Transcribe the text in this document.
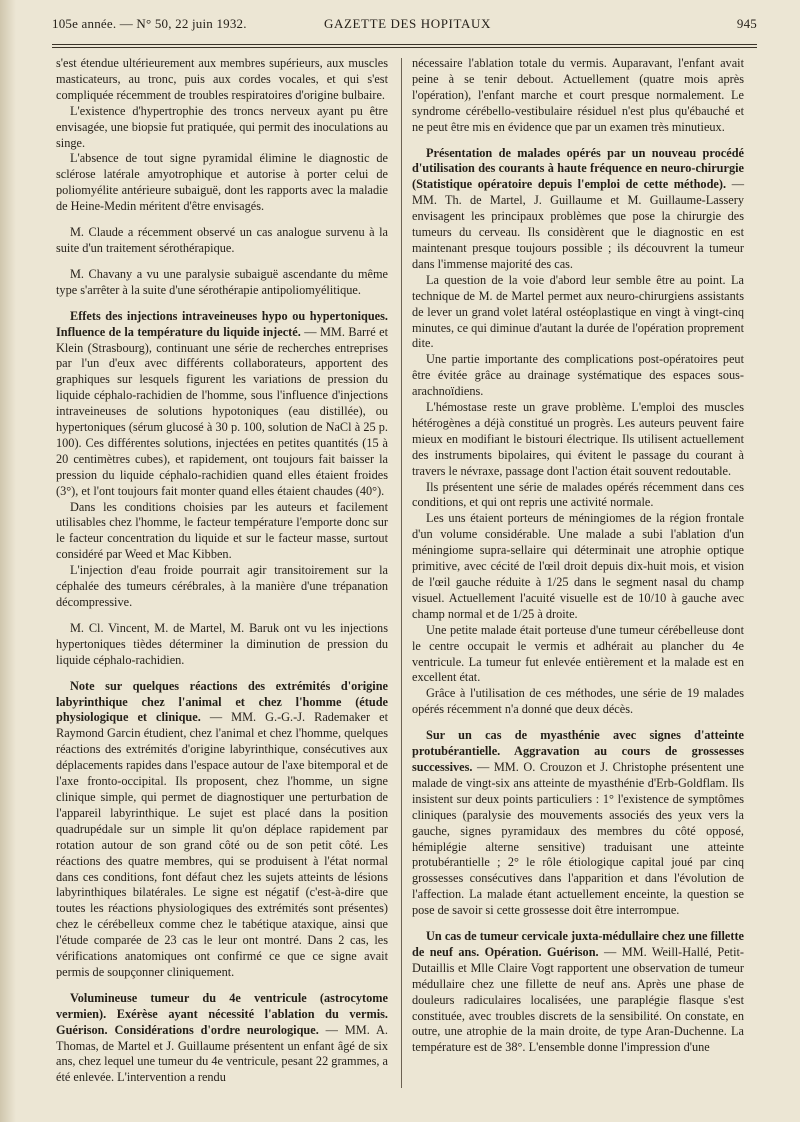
105e année. — N° 50, 22 juin 1932.	GAZETTE DES HOPITAUX	945

s'est étendue ultérieurement aux membres supérieurs, aux muscles masticateurs, au tronc, puis aux cordes vocales, et qui s'est compliquée récemment de troubles respiratoires d'origine bulbaire.

L'existence d'hypertrophie des troncs nerveux ayant pu être envisagée, une biopsie fut pratiquée, qui permit des inoculations au singe.

L'absence de tout signe pyramidal élimine le diagnostic de sclérose latérale amyotrophique et autorise à porter celui de poliomyélite antérieure subaiguë, dont les rapports avec la maladie de Heine-Medin méritent d'être envisagés.

M. Claude a récemment observé un cas analogue survenu à la suite d'un traitement sérothérapique.

M. Chavany a vu une paralysie subaiguë ascendante du même type s'arrêter à la suite d'une sérothérapie antipoliomyélitique.

Effets des injections intraveineuses hypo ou hypertoniques. Influence de la température du liquide injecté. — MM. Barré et Klein (Strasbourg), continuant une série de recherches entreprises par l'un d'eux avec différents collaborateurs, apportent des graphiques sur lesquels figurent les variations de pression du liquide céphalo-rachidien de l'homme, sous l'influence d'injections intraveineuses de solutions hypotoniques (eau distillée), ou hypertoniques (sérum glucosé à 30 p. 100, solution de NaCl à 25 p. 100). Ces différentes solutions, injectées en petites quantités (15 à 20 centimètres cubes), et rapidement, ont toujours fait baisser la pression du liquide céphalo-rachidien quand elles étaient froides (3°), et l'ont toujours fait monter quand elles étaient chaudes (40°).

Dans les conditions choisies par les auteurs et facilement utilisables chez l'homme, le facteur température l'emporte donc sur le facteur concentration du liquide et sur le facteur masse, surtout considéré par Weed et Mac Kibben.

L'injection d'eau froide pourrait agir transitoirement sur la céphalée des tumeurs cérébrales, à la manière d'une trépanation décompressive.

M. Cl. Vincent, M. de Martel, M. Baruk ont vu les injections hypertoniques tièdes déterminer la diminution de pression du liquide céphalo-rachidien.

Note sur quelques réactions des extrémités d'origine labyrinthique chez l'animal et chez l'homme (étude physiologique et clinique. — MM. G.-G.-J. Rademaker et Raymond Garcin étudient, chez l'animal et chez l'homme, quelques réactions des extrémités d'origine labyrinthique, consécutives aux déplacements rapides dans l'espace autour de l'axe bitemporal et de l'axe fronto-occipital. Ils proposent, chez l'homme, un signe clinique simple, qui permet de diagnostiquer une perturbation de l'appareil labyrinthique. Le sujet est placé dans la position quadrupédale sur un simple lit qu'on déplace rapidement par rotation autour de son grand côté ou de son petit côté. Les réactions des quatre membres, qui se produisent à l'état normal dans ces conditions, font défaut chez les sujets atteints de lésions labyrinthiques bilatérales. Le signe est négatif (c'est-à-dire que toutes les réactions physiologiques des extrémités sont présentes) chez le cérébelleux comme chez le tabétique ataxique, ainsi que l'étude comparée de 23 cas le leur ont montré. Dans 2 cas, les vérifications anatomiques ont confirmé ce que ce signe avait permis de soupçonner cliniquement.

Volumineuse tumeur du 4e ventricule (astrocytome vermien). Exérèse ayant nécessité l'ablation du vermis. Guérison. Considérations d'ordre neurologique. — MM. A. Thomas, de Martel et J. Guillaume présentent un enfant âgé de six ans, chez lequel une tumeur du 4e ventricule, pesant 22 grammes, a été enlevée. L'intervention a rendu

nécessaire l'ablation totale du vermis. Auparavant, l'enfant avait peine à se tenir debout. Actuellement (quatre mois après l'opération), l'enfant marche et court presque normalement. Le syndrome cérébello-vestibulaire résiduel n'est plus qu'ébauché et ne peut être mis en évidence que par un examen très minutieux.

Présentation de malades opérés par un nouveau procédé d'utilisation des courants à haute fréquence en neuro-chirurgie (Statistique opératoire depuis l'emploi de cette méthode). — MM. Th. de Martel, J. Guillaume et M. Guillaume-Lassery envisagent les principaux problèmes que pose la chirurgie des tumeurs du cerveau. Ils considèrent que le diagnostic en est maintenant presque toujours possible ; ils découvrent la tumeur dans l'immense majorité des cas.

La question de la voie d'abord leur semble être au point. La technique de M. de Martel permet aux neuro-chirurgiens assistants de lever un grand volet latéral ostéoplastique en vingt à vingt-cinq minutes, ce qui diminue d'autant la durée de l'opération proprement dite.

Une partie importante des complications post-opératoires peut être évitée grâce au drainage systématique des espaces sous-arachnoïdiens.

L'hémostase reste un grave problème. L'emploi des muscles hétérogènes a déjà constitué un progrès. Les auteurs peuvent faire mieux en modifiant le bistouri électrique. Ils utilisent actuellement des instruments bipolaires, qui évitent le passage du courant à travers le névraxe, passage dont l'action était souvent redoutable.

Ils présentent une série de malades opérés récemment dans ces conditions, et qui ont repris une activité normale.

Les uns étaient porteurs de méningiomes de la région frontale d'un volume considérable. Une malade a subi l'ablation d'un méningiome supra-sellaire qui déterminait une atrophie optique primitive, avec cécité de l'œil droit depuis dix-huit mois, et vision de l'œil gauche réduite à 1/25 dans le segment nasal du champ visuel. Actuellement l'acuité visuelle est de 10/10 à gauche avec champ normal et de 1/25 à droite.

Une petite malade était porteuse d'une tumeur cérébelleuse dont le centre occupait le vermis et adhérait au plancher du 4e ventricule. La tumeur fut enlevée entièrement et la malade est en excellent état.

Grâce à l'utilisation de ces méthodes, une série de 19 malades opérés récemment n'a donné que deux décès.

Sur un cas de myasthénie avec signes d'atteinte protubérantielle. Aggravation au cours de grossesses successives. — MM. O. Crouzon et J. Christophe présentent une malade de vingt-six ans atteinte de myasthénie d'Erb-Goldflam. Ils insistent sur deux points particuliers : 1° l'existence de symptômes cliniques (paralysie des mouvements associés des yeux vers la gauche, signes pyramidaux des membres du côté opposé, hémiplégie alterne sensitive) traduisant une atteinte protubérantielle ; 2° le rôle étiologique capital joué par cinq grossesses consécutives dans l'apparition et dans l'évolution de l'affection. La malade étant actuellement enceinte, la question se pose de savoir si cette grossesse doit être interrompue.

Un cas de tumeur cervicale juxta-médullaire chez une fillette de neuf ans. Opération. Guérison. — MM. Weill-Hallé, Petit-Dutaillis et Mlle Claire Vogt rapportent une observation de tumeur médullaire chez une fillette de neuf ans. Après une phase de douleurs radiculaires localisées, une paraplégie flasque s'est constituée, avec troubles discrets de la sensibilité. On constate, en outre, une atrophie de la main droite, de type Aran-Duchenne. La température est de 38°. L'ensemble donne l'impression d'une
